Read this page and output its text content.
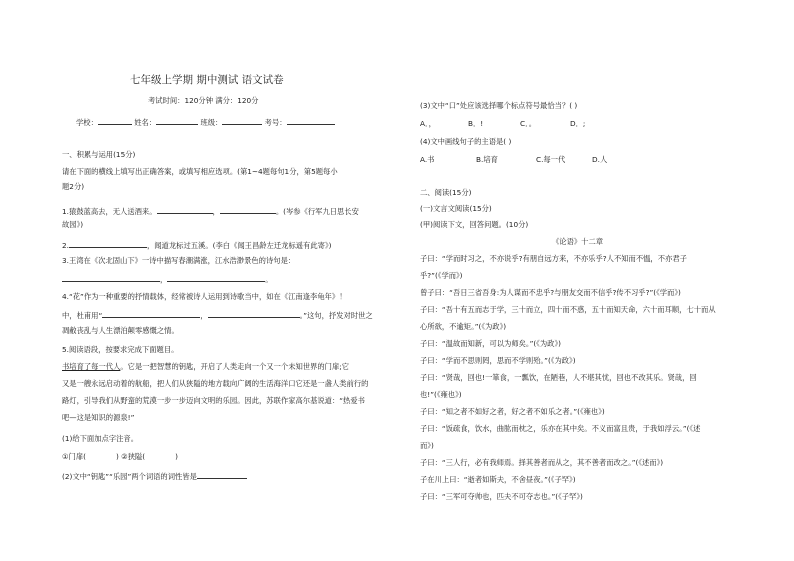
七年级上学期 期中测试 语文试卷
考试时间：120分钟 满分：120分
学校：	姓名：	班级：	考号：
一、积累与运用(15分)
请在下面的横线上填写出正确答案，或填写相应选项。(第1~4题每句1分，第5题每小
题2分)
1.猿鼓蓝高去，无人送酒来。	，	。(岑参《行军九日思长安
故园》)
2.	，闻道龙标过五溪。(李白《闻王昌龄左迁龙标遥有此寄》)
3.王湾在《次北固山下》一诗中描写春潮满涨，江水浩渺景色的诗句是：
，	。
4.“花”作为一种重要的抒情载体，经常被诗人运用到诗歌当中，如在《江南逢李龟年》！
中，杜甫用“	，	。”这句，抒发对时世之
凋敝丧乱与人生漂泊颠零感慨之情。
5.阅读语段，按要求完成下面题目。
书培育了每一代人。它是一把智慧的钥匙，开启了人类走向一个又一个未知世界的门扉;它
又是一艘永远启动着的航船，把人们从狭隘的地方载向广阔的生活海洋口它还是一盏人类前行的
路灯，引导我们从野蛮的荒漠一步一步迈向文明的乐园。因此，苏联作家高尔基说道：“热爱书
吧—这是知识的源泉!”
(1)给下面加点字注音。
①门扉(	) ②狭隘(	)
(2)文中“钥匙”“乐园”两个词语的词性皆是
(3)文中“口”处应该选择哪个标点符号最恰当？( )
A．，	B．!	C．。	D．;
(4)文中画线句子的主语是( )
A.书	B.培育	C.每一代	D.人
二、阅读(15分)
(一)文言文阅读(15分)
(甲)阅读下文，回答问题。(10分)
《论语》十二章
子曰：“学而时习之，不亦说乎?有朋自远方来，不亦乐乎?人不知而不愠，不亦君子
乎?”(《学而》)
曾子曰：“吾日三省吾身:为人谋而不忠乎?与朋友交而不信乎?传不习乎?”(《学而》)
子曰：“吾十有五而志于学，三十而立，四十而不惑，五十而知天命，六十而耳顺，七十而从
心所欲，不逾矩。”(《为政》)
子曰：“温故而知新，可以为师矣。”(《为政》)
子曰：“学而不思则罔，思而不学则殆。”(《为政》)
子曰：“贤哉，回也!一箪食，一瓢饮，在陋巷，人不堪其忧，回也不改其乐。贤哉，回
也!”(《雍也》)
子曰：“知之者不如好之者，好之者不如乐之者。”(《雍也》)
子曰：“饭疏食，饮水，曲肱而枕之，乐亦在其中矣。不义而富且贵，于我如浮云。”(《述
而》)
子曰：“三人行，必有我师焉。择其善者而从之，其不善者而改之。”(《述而》)
子在川上曰：“逝者如斯夫，不舍昼夜。”(《子罕》)
子曰：“三军可夺帅也，匹夫不可夺志也。”(《子罕》)
